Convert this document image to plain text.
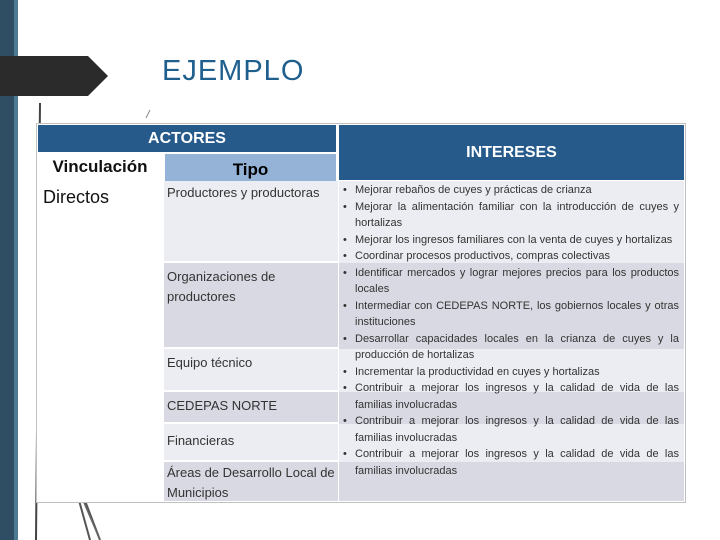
EJEMPLO
ACTORES
INTERESES
Vinculación	Tipo
Directos	Productores y productoras
Organizaciones de productores
Equipo técnico
CEDEPAS NORTE
Financieras
Áreas de Desarrollo Local de Municipios
• Mejorar rebaños de cuyes y prácticas de crianza
• Mejorar la alimentación familiar con la introducción de cuyes y hortalizas
• Mejorar los ingresos familiares con la venta de cuyes y hortalizas
• Coordinar procesos productivos, compras colectivas
• Identificar mercados y lograr mejores precios para los productos locales
• Intermediar con CEDEPAS NORTE, los gobiernos locales y otras instituciones
• Desarrollar capacidades locales en la crianza de cuyes y la producción de hortalizas
• Incrementar la productividad en cuyes y hortalizas
• Contribuir a mejorar los ingresos y la calidad de vida de las familias involucradas
• Contribuir a mejorar los ingresos y la calidad de vida de las familias involucradas
• Contribuir a mejorar los ingresos y la calidad de vida de las familias involucradas
